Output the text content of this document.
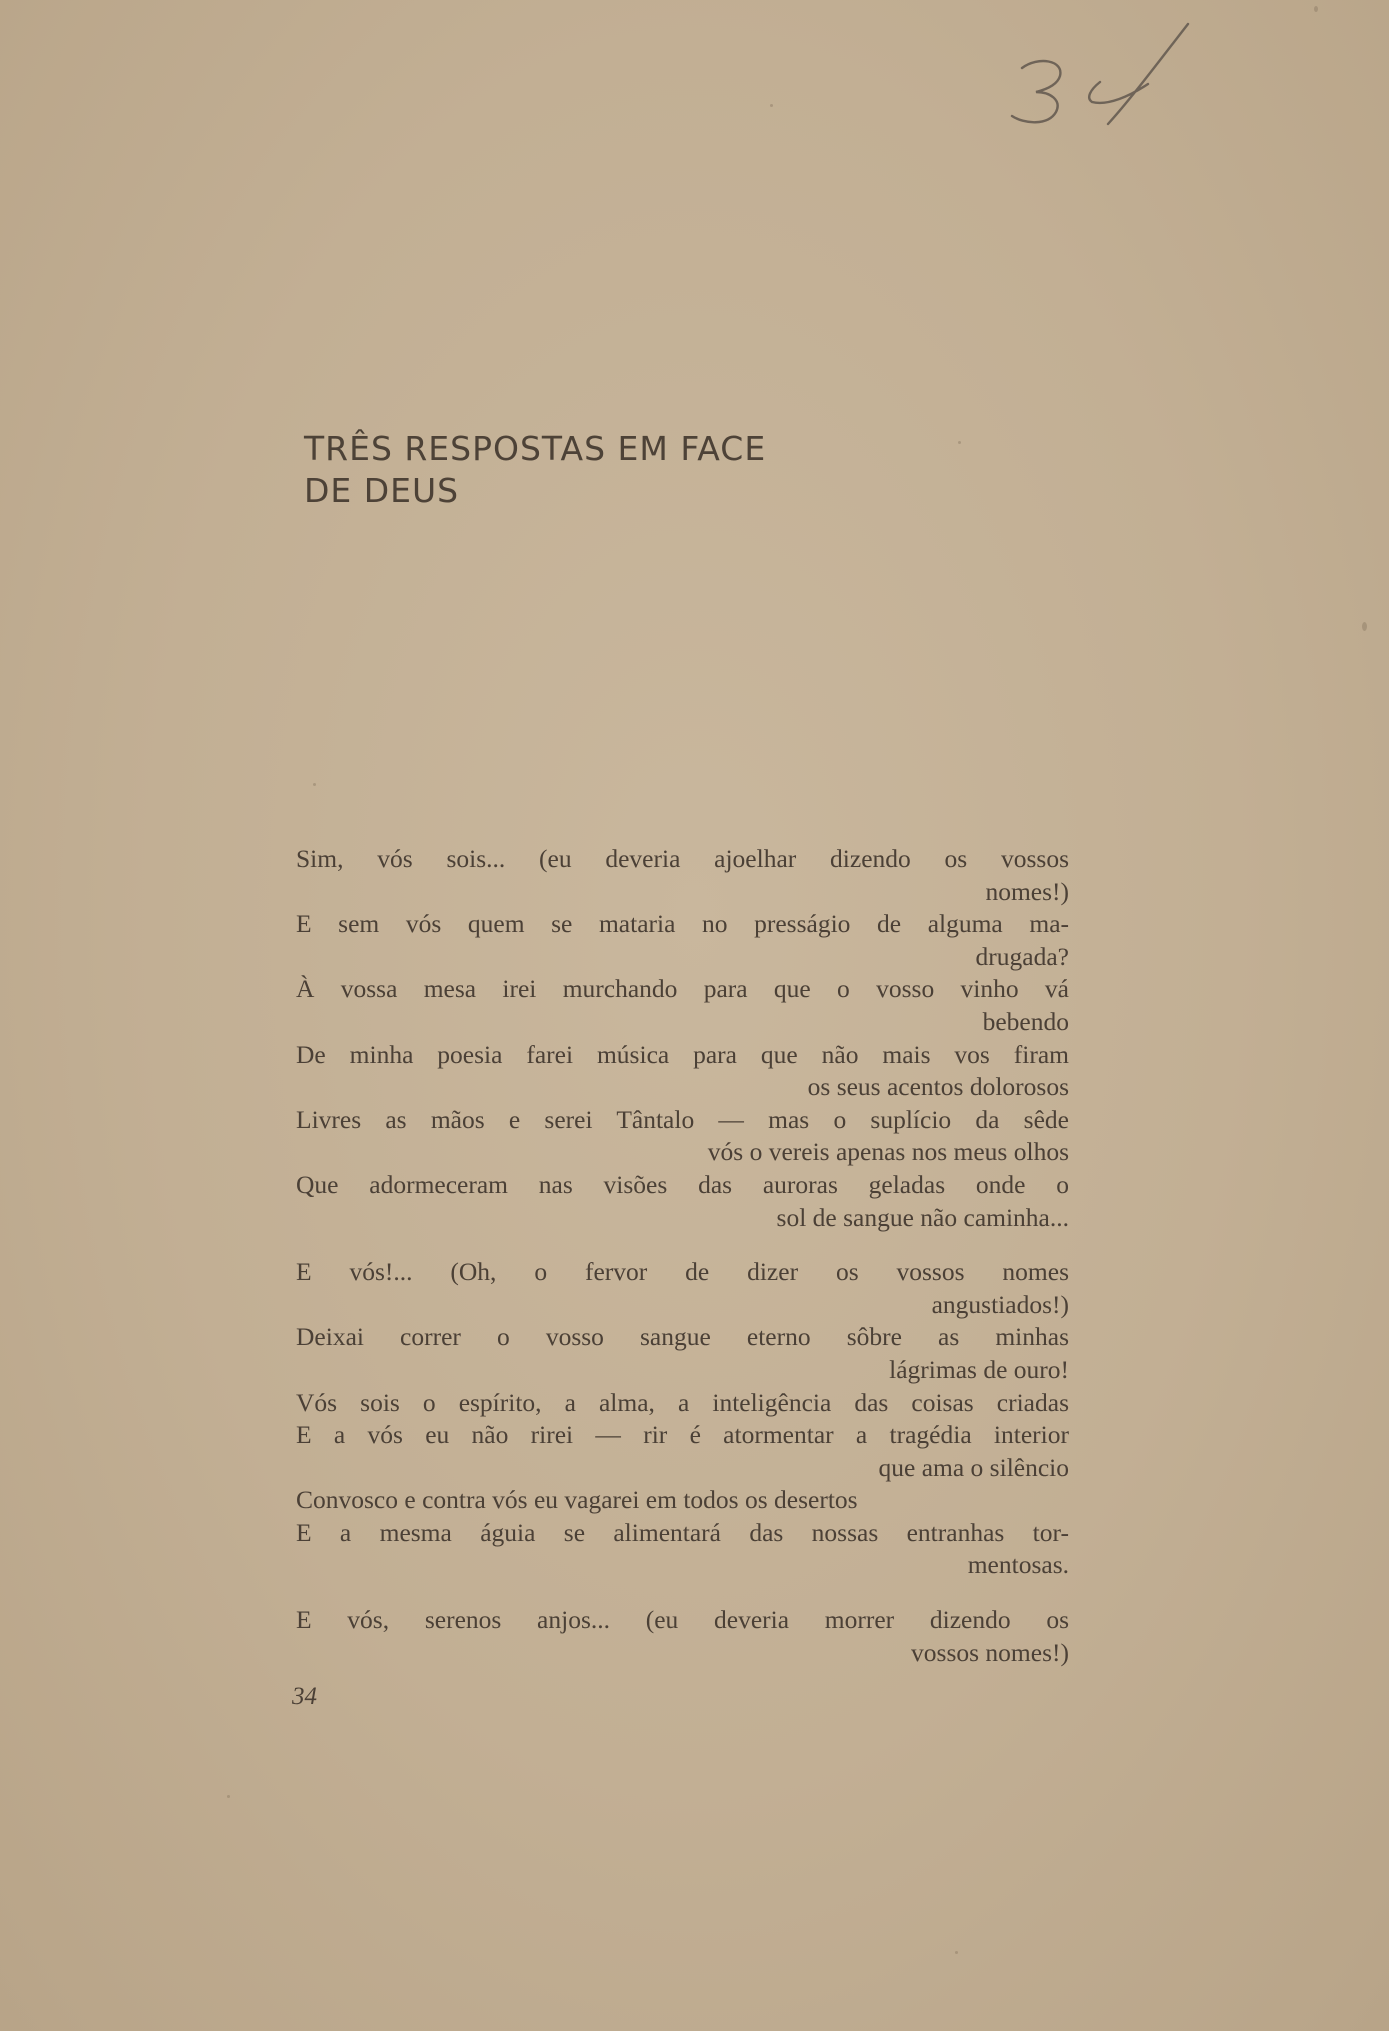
TRÊS RESPOSTAS EM FACE
DE DEUS
Sim, vós sois... (eu deveria ajoelhar dizendo os vossos
nomes!)
E sem vós quem se mataria no presságio de alguma ma-
drugada?
À vossa mesa irei murchando para que o vosso vinho vá
bebendo
De minha poesia farei música para que não mais vos firam
os seus acentos dolorosos
Livres as mãos e serei Tântalo — mas o suplício da sêde
vós o vereis apenas nos meus olhos
Que adormeceram nas visões das auroras geladas onde o
sol de sangue não caminha...
E vós!... (Oh, o fervor de dizer os vossos nomes
angustiados!)
Deixai correr o vosso sangue eterno sôbre as minhas
lágrimas de ouro!
Vós sois o espírito, a alma, a inteligência das coisas criadas
E a vós eu não rirei — rir é atormentar a tragédia interior
que ama o silêncio
Convosco e contra vós eu vagarei em todos os desertos
E a mesma águia se alimentará das nossas entranhas tor-
mentosas.
E vós, serenos anjos... (eu deveria morrer dizendo os
vossos nomes!)
34
